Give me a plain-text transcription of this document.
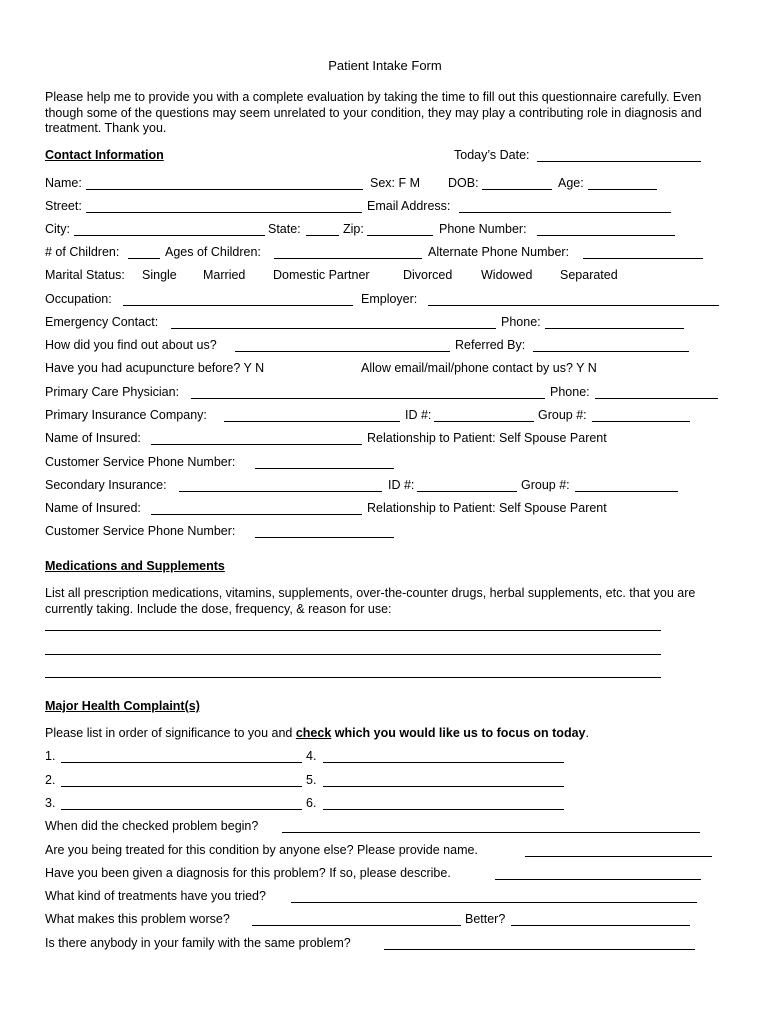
Patient Intake Form

Please help me to provide you with a complete evaluation by taking the time to fill out this questionnaire carefully. Even though some of the questions may seem unrelated to your condition, they may play a contributing role in diagnosis and treatment. Thank you.

Contact Information	Today’s Date:
Name:	Sex: F M DOB:	Age:
Street:	Email Address:
City:	State:	Zip:	Phone Number:
# of Children:	Ages of Children:	Alternate Phone Number:
Marital Status: Single Married Domestic Partner	Divorced Widowed Separated
Occupation:	Employer:
Emergency Contact:	Phone:
How did you find out about us?	Referred By:
Have you had acupuncture before? Y N	Allow email/mail/phone contact by us? Y N
Primary Care Physician:	Phone:
Primary Insurance Company:	ID #:	Group #:
Name of Insured:	Relationship to Patient: Self Spouse Parent
Customer Service Phone Number:
Secondary Insurance:	ID #:	Group #:
Name of Insured:	Relationship to Patient: Self Spouse Parent
Customer Service Phone Number:
Medications and Supplements

List all prescription medications, vitamins, supplements, over-the-counter drugs, herbal supplements, etc. that you are currently taking. Include the dose, frequency, & reason for use:

Major Health Complaint(s)
Please list in order of significance to you and check which you would like us to focus on today.
1.	4.
2.	5.
3.	6.
When did the checked problem begin?
Are you being treated for this condition by anyone else? Please provide name.
Have you been given a diagnosis for this problem? If so, please describe.
What kind of treatments have you tried?
What makes this problem worse?	Better?
Is there anybody in your family with the same problem?
